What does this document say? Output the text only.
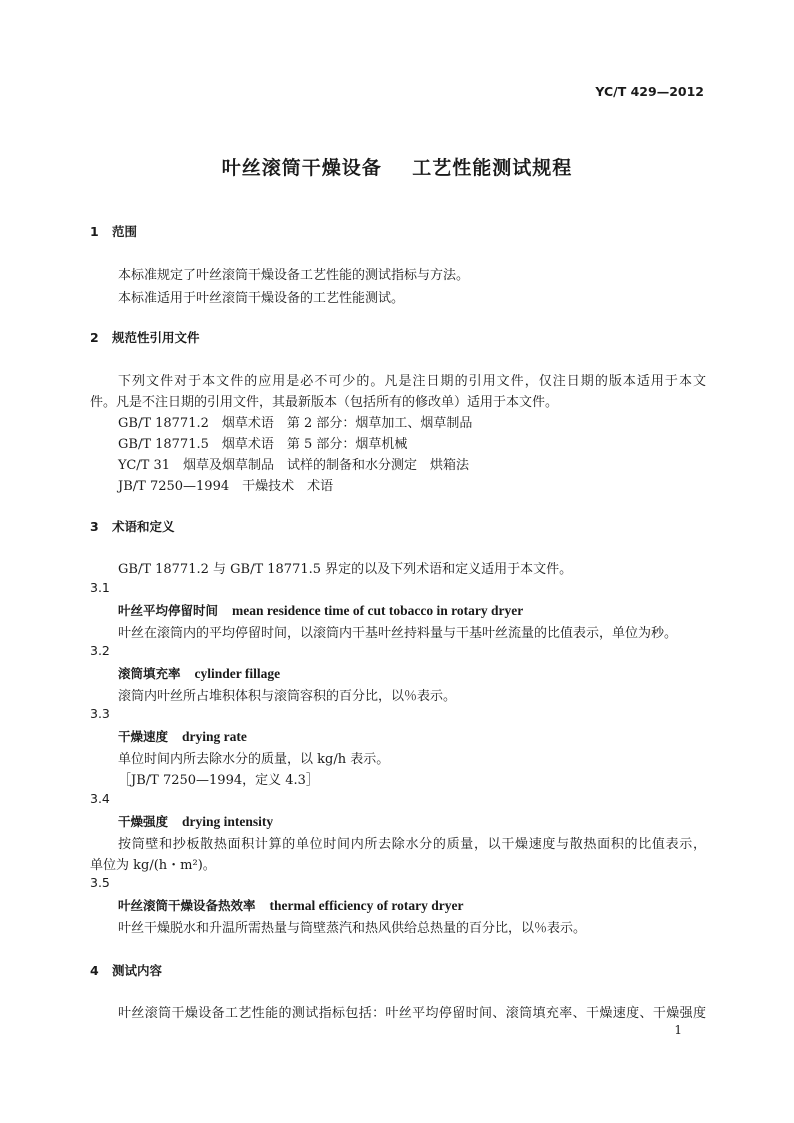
YC/T 429—2012
叶丝滚筒干燥设备    工艺性能测试规程
1 范围
本标准规定了叶丝滚筒干燥设备工艺性能的测试指标与方法。
本标准适用于叶丝滚筒干燥设备的工艺性能测试。
2 规范性引用文件
下列文件对于本文件的应用是必不可少的。凡是注日期的引用文件，仅注日期的版本适用于本文
件。凡是不注日期的引用文件，其最新版本（包括所有的修改单）适用于本文件。
GB/T 18771.2　烟草术语　第 2 部分：烟草加工、烟草制品
GB/T 18771.5　烟草术语　第 5 部分：烟草机械
YC/T 31　烟草及烟草制品　试样的制备和水分测定　烘箱法
JB/T 7250—1994　干燥技术　术语
3 术语和定义
GB/T 18771.2 与 GB/T 18771.5 界定的以及下列术语和定义适用于本文件。
3.1
叶丝平均停留时间 mean residence time of cut tobacco in rotary dryer
叶丝在滚筒内的平均停留时间，以滚筒内干基叶丝持料量与干基叶丝流量的比值表示，单位为秒。
3.2
滚筒填充率 cylinder fillage
滚筒内叶丝所占堆积体积与滚筒容积的百分比，以％表示。
3.3
干燥速度 drying rate
单位时间内所去除水分的质量，以 kg/h 表示。
［JB/T 7250—1994，定义 4.3］
3.4
干燥强度 drying intensity
按筒壁和抄板散热面积计算的单位时间内所去除水分的质量，以干燥速度与散热面积的比值表示，
单位为 kg/(h・m²)。
3.5
叶丝滚筒干燥设备热效率 thermal efficiency of rotary dryer
叶丝干燥脱水和升温所需热量与筒壁蒸汽和热风供给总热量的百分比，以％表示。
4 测试内容
叶丝滚筒干燥设备工艺性能的测试指标包括：叶丝平均停留时间、滚筒填充率、干燥速度、干燥强度
1
